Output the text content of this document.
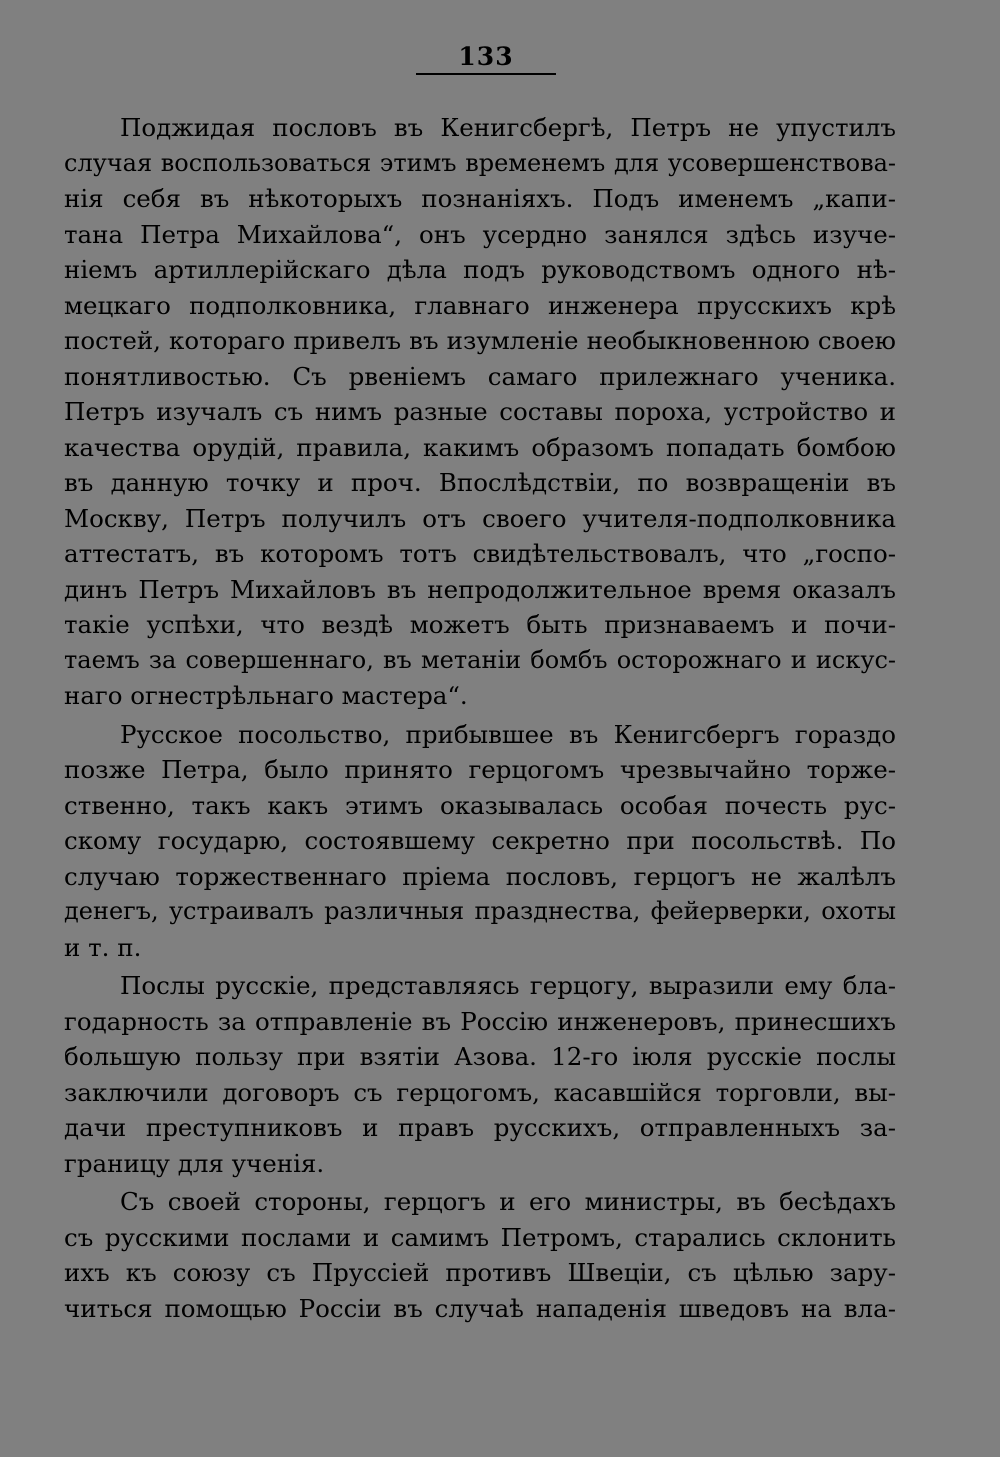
133
Поджидая пословъ въ Кенигсбергѣ, Петръ не упустилъ
случая воспользоваться этимъ временемъ для усовершенствова-
нія себя въ нѣкоторыхъ познаніяхъ. Подъ именемъ „капи-
тана Петра Михайлова“, онъ усердно занялся здѣсь изуче-
ніемъ артиллерійскаго дѣла подъ руководствомъ одного нѣ-
мецкаго подполковника, главнаго инженера прусскихъ крѣ
постей, котораго привелъ въ изумленіе необыкновенною своею
понятливостью. Съ рвеніемъ самаго прилежнаго ученика.
Петръ изучалъ съ нимъ разные составы пороха, устройство и
качества орудій, правила, какимъ образомъ попадать бомбою
въ данную точку и проч. Впослѣдствіи, по возвращеніи въ
Москву, Петръ получилъ отъ своего учителя-подполковника
аттестатъ, въ которомъ тотъ свидѣтельствовалъ, что „госпо-
динъ Петръ Михайловъ въ непродолжительное время оказалъ
такіе успѣхи, что вездѣ можетъ быть признаваемъ и почи-
таемъ за совершеннаго, въ метаніи бомбъ осторожнаго и искус-
наго огнестрѣльнаго мастера“.
Русское посольство, прибывшее въ Кенигсбергъ гораздо
позже Петра, было принято герцогомъ чрезвычайно торже-
ственно, такъ какъ этимъ оказывалась особая почесть рус-
скому государю, состоявшему секретно при посольствѣ. По
случаю торжественнаго пріема пословъ, герцогъ не жалѣлъ
денегъ, устраивалъ различныя празднества, фейерверки, охоты
и т. п.
Послы русскіе, представляясь герцогу, выразили ему бла-
годарность за отправленіе въ Россію инженеровъ, принесшихъ
большую пользу при взятіи Азова. 12-го іюля русскіе послы
заключили договоръ съ герцогомъ, касавшійся торговли, вы-
дачи преступниковъ и правъ русскихъ, отправленныхъ за-
границу для ученія.
Съ своей стороны, герцогъ и его министры, въ бесѣдахъ
съ русскими послами и самимъ Петромъ, старались склонить
ихъ къ союзу съ Пруссіей противъ Швеціи, съ цѣлью зару-
читься помощью Россіи въ случаѣ нападенія шведовъ на вла-
